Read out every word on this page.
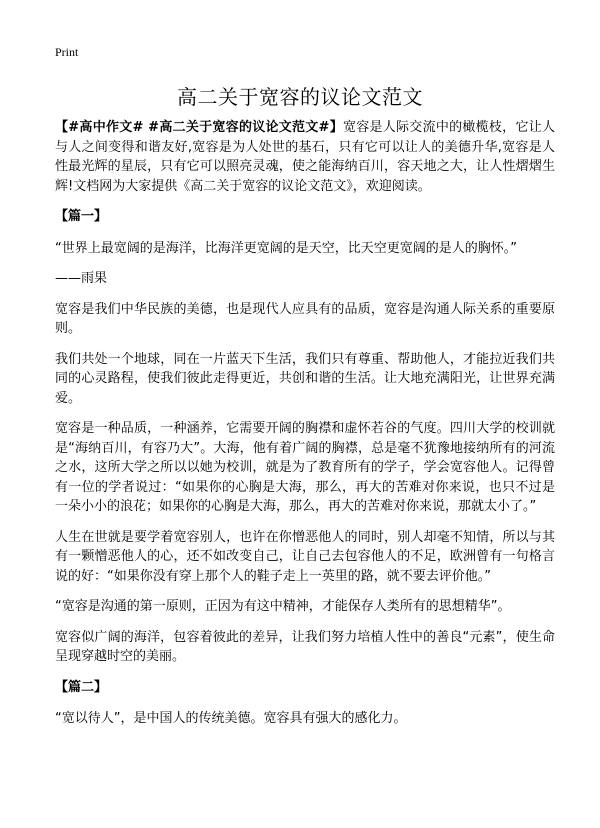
Print
高二关于宽容的议论文范文

【#高中作文# #高二关于宽容的议论文范文#】宽容是人际交流中的橄榄枝，它让人与人之间变得和谐友好,宽容是为人处世的基石，只有它可以让人的美德升华,宽容是人性最光辉的星辰，只有它可以照亮灵魂，使之能海纳百川，容天地之大，让人性熠熠生辉!文档网为大家提供《高二关于宽容的议论文范文》，欢迎阅读。

【篇一】

“世界上最宽阔的是海洋，比海洋更宽阔的是天空，比天空更宽阔的是人的胸怀。”

——雨果

宽容是我们中华民族的美德，也是现代人应具有的品质，宽容是沟通人际关系的重要原则。

我们共处一个地球，同在一片蓝天下生活，我们只有尊重、帮助他人，才能拉近我们共同的心灵路程，使我们彼此走得更近，共创和谐的生活。让大地充满阳光，让世界充满爱。

宽容是一种品质，一种涵养，它需要开阔的胸襟和虚怀若谷的气度。四川大学的校训就是“海纳百川，有容乃大”。大海，他有着广阔的胸襟，总是毫不犹豫地接纳所有的河流之水，这所大学之所以以她为校训，就是为了教育所有的学子，学会宽容他人。记得曾有一位的学者说过：“如果你的心胸是大海，那么，再大的苦难对你来说，也只不过是一朵小小的浪花；如果你的心胸是大海，那么，再大的苦难对你来说，那就太小了。”

人生在世就是要学着宽容别人，也许在你憎恶他人的同时，别人却毫不知情，所以与其有一颗憎恶他人的心，还不如改变自己，让自己去包容他人的不足，欧洲曾有一句格言说的好：“如果你没有穿上那个人的鞋子走上一英里的路，就不要去评价他。”

“宽容是沟通的第一原则，正因为有这中精神，才能保存人类所有的思想精华”。

宽容似广阔的海洋，包容着彼此的差异，让我们努力培植人性中的善良“元素”，使生命呈现穿越时空的美丽。

【篇二】

“宽以待人”，是中国人的传统美德。宽容具有强大的感化力。
